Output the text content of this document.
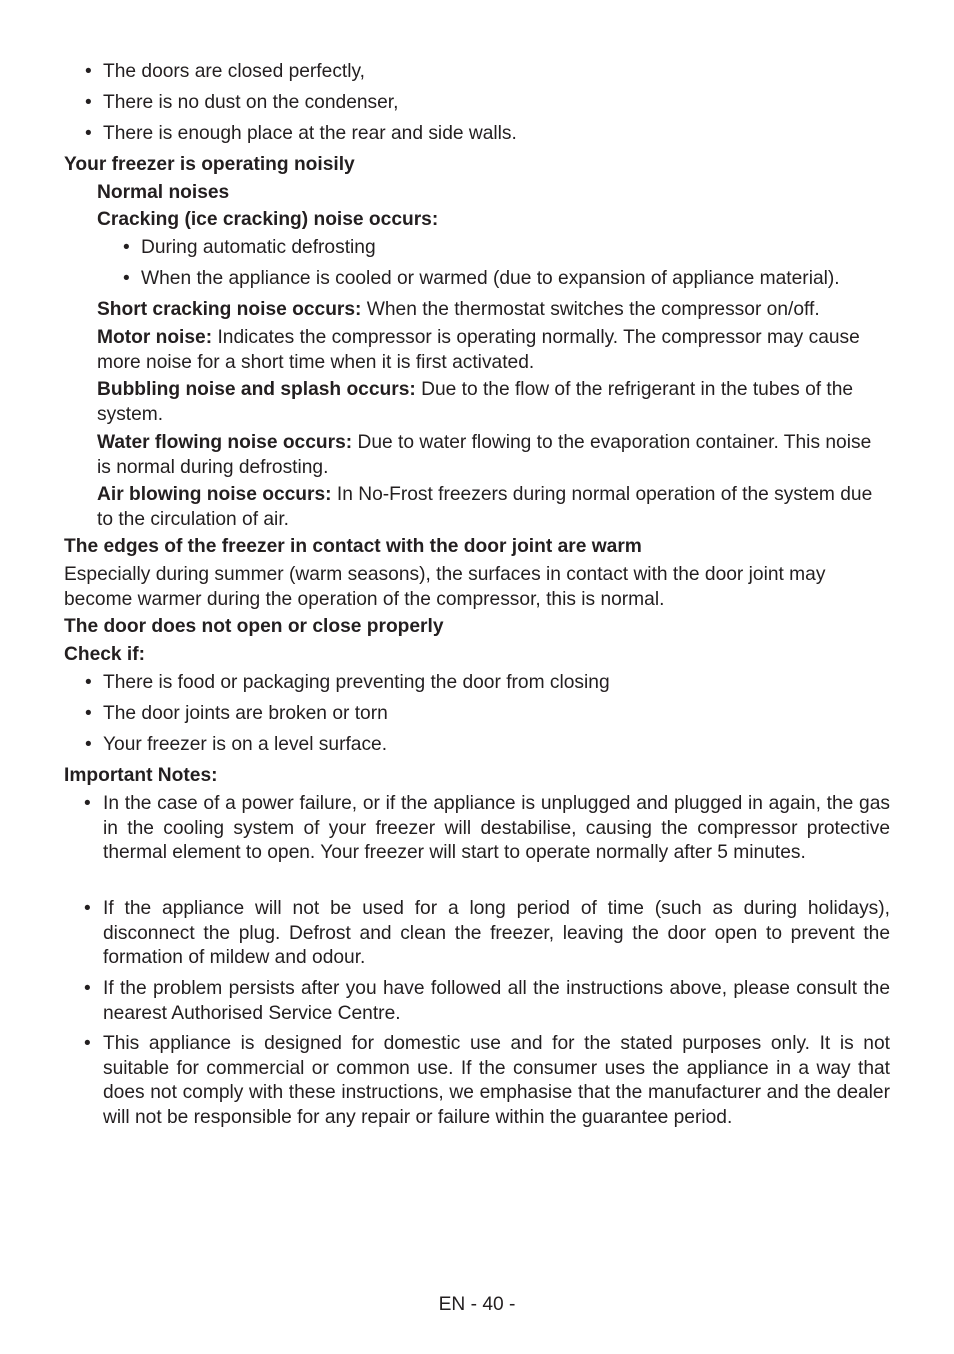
• The doors are closed perfectly,
• There is no dust on the condenser,
• There is enough place at the rear and side walls.
Your freezer is operating noisily
Normal noises
Cracking (ice cracking) noise occurs:
• During automatic defrosting
• When the appliance is cooled or warmed (due to expansion of appliance material).
Short cracking noise occurs: When the thermostat switches the compressor on/off.
Motor noise: Indicates the compressor is operating normally. The compressor may cause more noise for a short time when it is first activated.
Bubbling noise and splash occurs: Due to the flow of the refrigerant in the tubes of the system.
Water flowing noise occurs: Due to water flowing to the evaporation container. This noise is normal during defrosting.
Air blowing noise occurs: In No-Frost freezers during normal operation of the system due to the circulation of air.
The edges of the freezer in contact with the door joint are warm
Especially during summer (warm seasons), the surfaces in contact with the door joint may become warmer during the operation of the compressor, this is normal.
The door does not open or close properly
Check if:
• There is food or packaging preventing the door from closing
• The door joints are broken or torn
• Your freezer is on a level surface.
Important Notes:
• In the case of a power failure, or if the appliance is unplugged and plugged in again, the gas in the cooling system of your freezer will destabilise, causing the compressor protective thermal element to open. Your freezer will start to operate normally after 5 minutes.
• If the appliance will not be used for a long period of time (such as during holidays), disconnect the plug. Defrost and clean the freezer, leaving the door open to prevent the formation of mildew and odour.
• If the problem persists after you have followed all the instructions above, please consult the nearest Authorised Service Centre.
• This appliance is designed for domestic use and for the stated purposes only. It is not suitable for commercial or common use. If the consumer uses the appliance in a way that does not comply with these instructions, we emphasise that the manufacturer and the dealer will not be responsible for any repair or failure within the guarantee period.
EN - 40 -
